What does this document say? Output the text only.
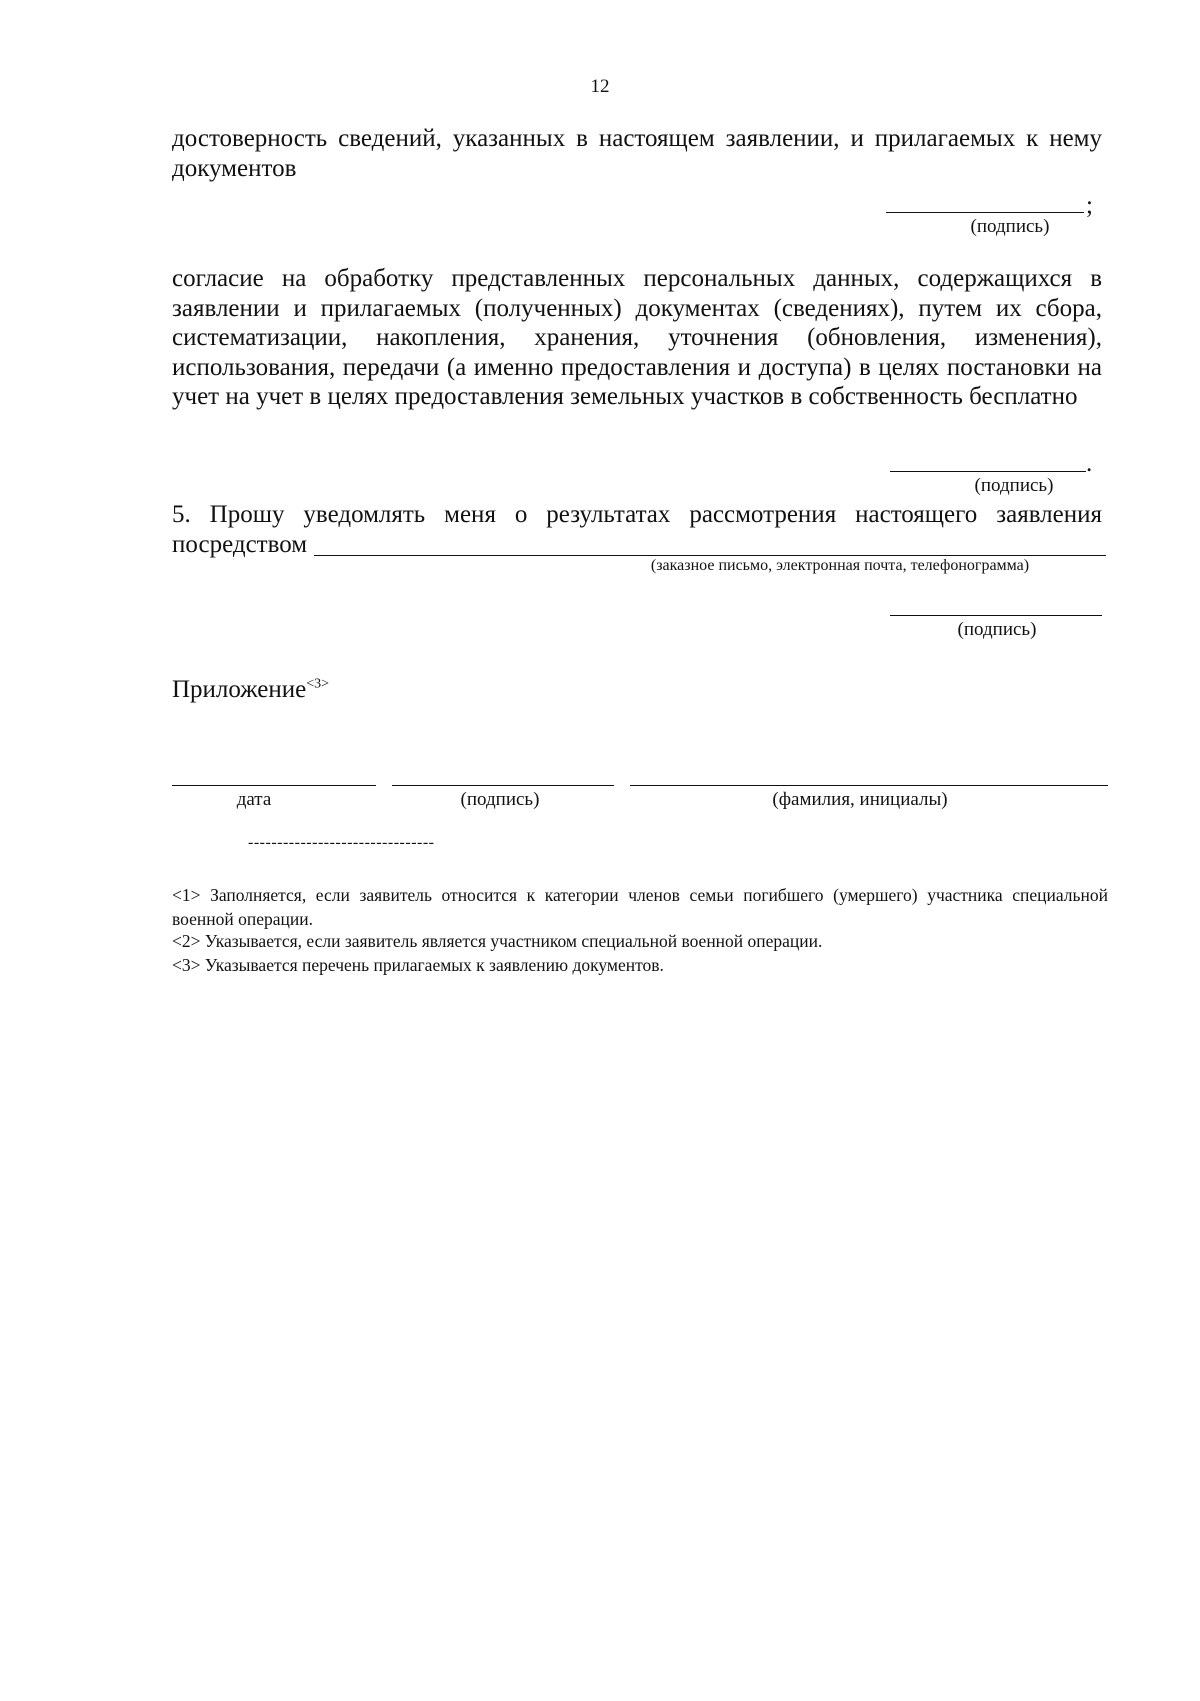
12
достоверность сведений, указанных в настоящем заявлении, и прилагаемых к нему
документов
;
(подпись)
согласие на обработку представленных персональных данных, содержащихся в заявлении и прилагаемых (полученных) документах (сведениях), путем их сбора, систематизации, накопления, хранения, уточнения (обновления, изменения), использования, передачи (а именно предоставления и доступа) в целях постановки на учет на учет в целях предоставления земельных участков в собственность бесплатно
.
(подпись)
5. Прошу уведомлять меня о результатах рассмотрения настоящего заявления
посредством
(заказное письмо, электронная почта, телефонограмма)
(подпись)
Приложение$^{<3>}$
дата	(подпись)	(фамилия, инициалы)
--------------------------------
<1> Заполняется, если заявитель относится к категории членов семьи погибшего (умершего) участника специальной военной операции.
<2> Указывается, если заявитель является участником специальной военной операции.
<3> Указывается перечень прилагаемых к заявлению документов.
